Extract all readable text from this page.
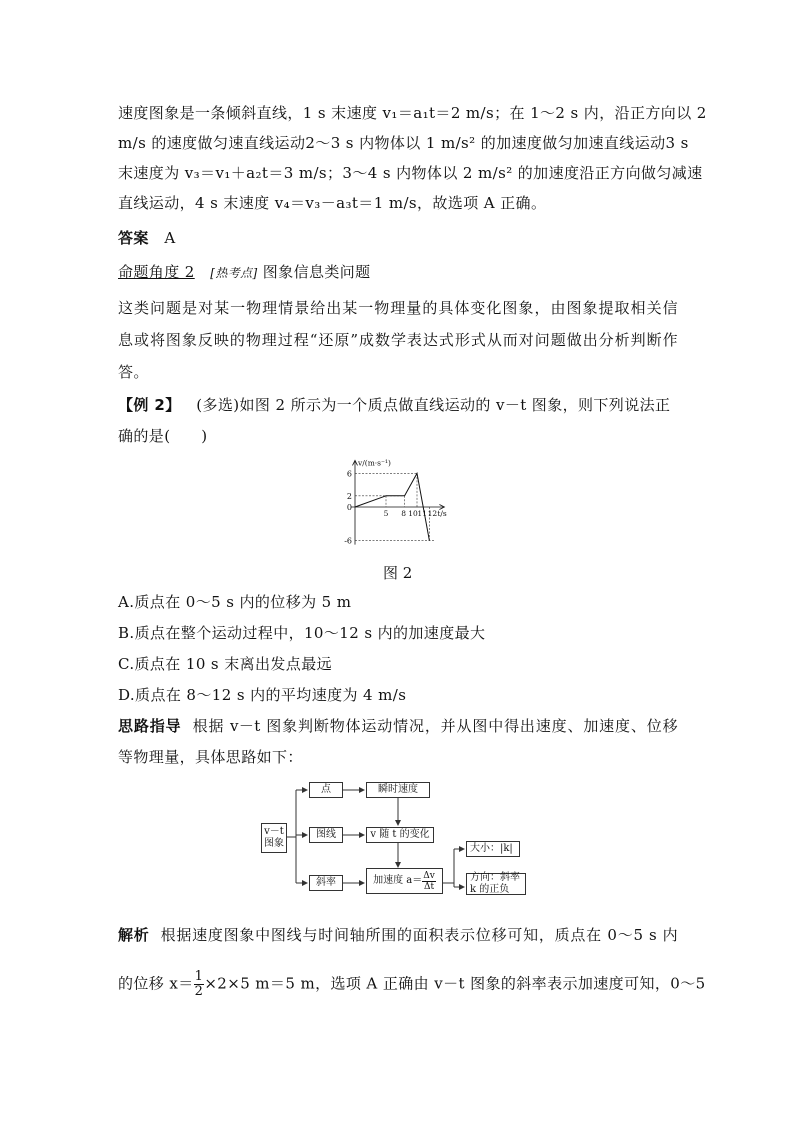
速度图象是一条倾斜直线，1 s 末速度 v₁＝a₁t＝2 m/s；在 1～2 s 内，沿正方向以 2
m/s 的速度做匀速直线运动2～3 s 内物体以 1 m/s² 的加速度做匀加速直线运动3 s
末速度为 v₃＝v₁＋a₂t＝3 m/s；3～4 s 内物体以 2 m/s² 的加速度沿正方向做匀减速
直线运动，4 s 末速度 v₄＝v₃－a₃t＝1 m/s，故选项 A 正确。
答案 A
命题角度 2 [热考点] 图象信息类问题
这类问题是对某一物理情景给出某一物理量的具体变化图象，由图象提取相关信
息或将图象反映的物理过程“还原”成数学表达式形式从而对问题做出分析判断作
答。
【例 2】 (多选)如图 2 所示为一个质点做直线运动的 v－t 图象，则下列说法正
确的是(　　)
6
2
0
-6
5 8 10 11 12
v/(m·s⁻¹)
t/s
图 2
A.质点在 0～5 s 内的位移为 5 m
B.质点在整个运动过程中，10～12 s 内的加速度最大
C.质点在 10 s 末离出发点最远
D.质点在 8～12 s 内的平均速度为 4 m/s
思路指导 根据 v－t 图象判断物体运动情况，并从图中得出速度、加速度、位移
等物理量，具体思路如下：
v－t 图象
点	瞬时速度
图线	v 随 t 的变化
斜率	加速度 $a= \frac{\Delta v}{\Delta t}$
大小：|k|
方向：斜率 k 的正负
解析 根据速度图象中图线与时间轴所围的面积表示位移可知，质点在 0～5 s 内
的位移 $x= \frac{1}{2} \times 2\times 5$ m＝5 m，选项 A 正确由 v－t 图象的斜率表示加速度可知，0～5
